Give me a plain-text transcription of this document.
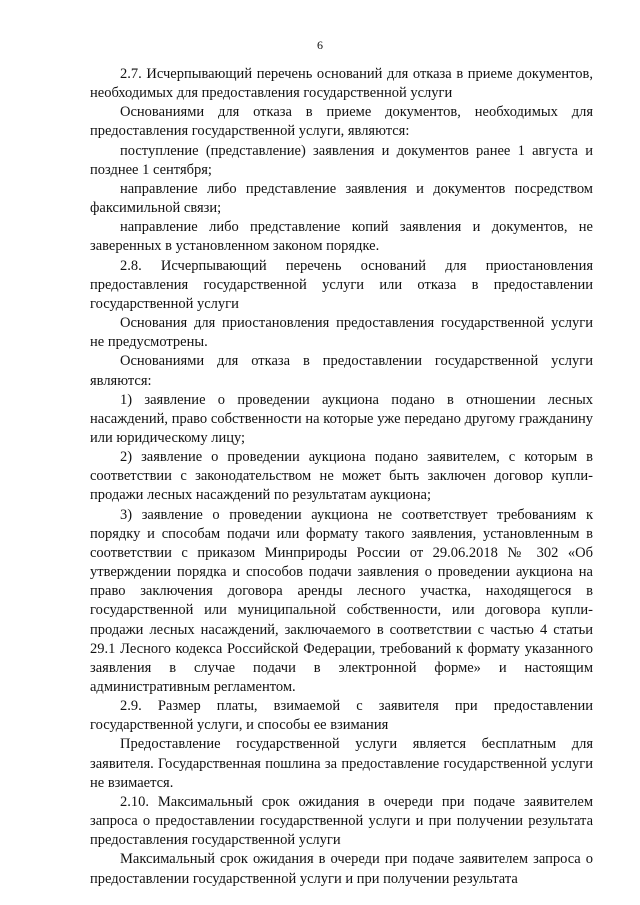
6

2.7. Исчерпывающий перечень оснований для отказа в приеме документов, необходимых для предоставления государственной услуги

Основаниями для отказа в приеме документов, необходимых для предоставления государственной услуги, являются:

поступление (представление) заявления и документов ранее 1 августа и позднее 1 сентября;

направление либо представление заявления и документов посредством факсимильной связи;

направление либо представление копий заявления и документов, не заверенных в установленном законом порядке.

2.8. Исчерпывающий перечень оснований для приостановления предоставления государственной услуги или отказа в предоставлении государственной услуги

Основания для приостановления предоставления государственной услуги не предусмотрены.

Основаниями для отказа в предоставлении государственной услуги являются:

1) заявление о проведении аукциона подано в отношении лесных насаждений, право собственности на которые уже передано другому гражданину или юридическому лицу;

2) заявление о проведении аукциона подано заявителем, с которым в соответствии с законодательством не может быть заключен договор купли-продажи лесных насаждений по результатам аукциона;

3) заявление о проведении аукциона не соответствует требованиям к порядку и способам подачи или формату такого заявления, установленным в соответствии с приказом Минприроды России от 29.06.2018 № 302 «Об утверждении порядка и способов подачи заявления о проведении аукциона на право заключения договора аренды лесного участка, находящегося в государственной или муниципальной собственности, или договора купли-продажи лесных насаждений, заключаемого в соответствии с частью 4 статьи 29.1 Лесного кодекса Российской Федерации, требований к формату указанного заявления в случае подачи в электронной форме» и настоящим административным регламентом.

2.9. Размер платы, взимаемой с заявителя при предоставлении государственной услуги, и способы ее взимания

Предоставление государственной услуги является бесплатным для заявителя. Государственная пошлина за предоставление государственной услуги не взимается.

2.10. Максимальный срок ожидания в очереди при подаче заявителем запроса о предоставлении государственной услуги и при получении результата предоставления государственной услуги

Максимальный срок ожидания в очереди при подаче заявителем запроса о предоставлении государственной услуги и при получении результата
